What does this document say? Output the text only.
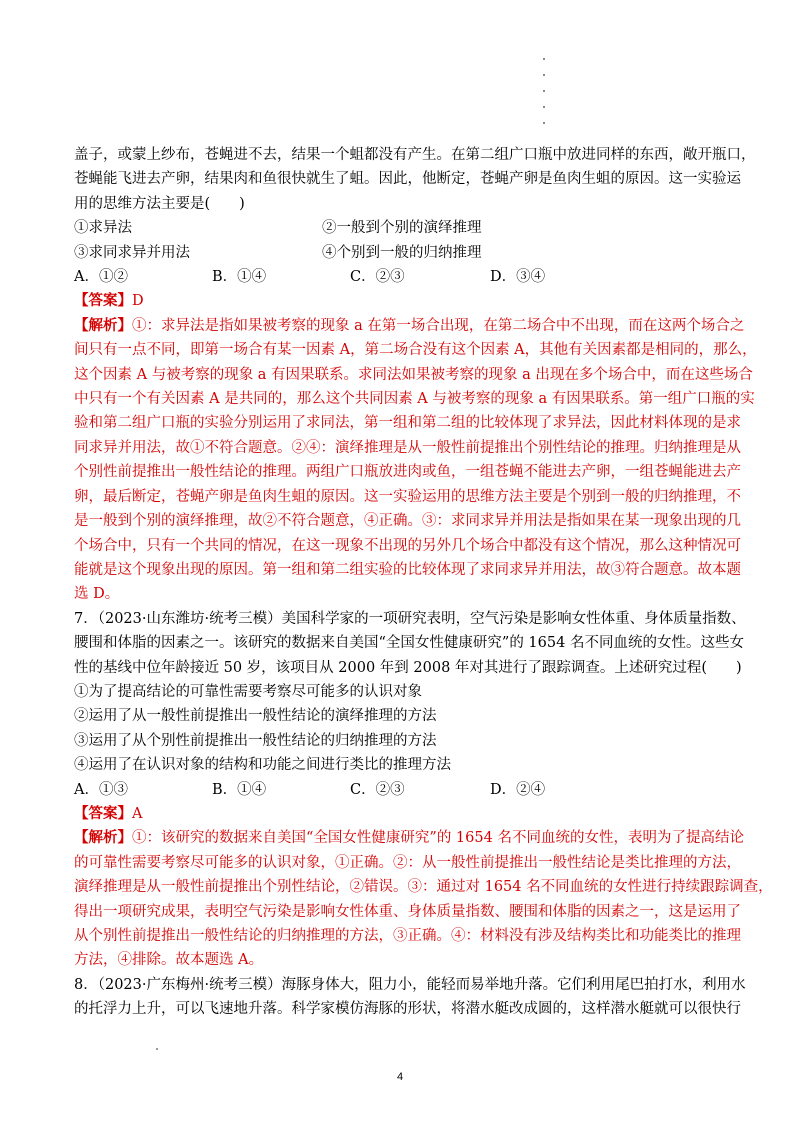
盖子，或蒙上纱布，苍蝇进不去，结果一个蛆都没有产生。在第二组广口瓶中放进同样的东西，敞开瓶口，
苍蝇能飞进去产卵，结果肉和鱼很快就生了蛆。因此，他断定，苍蝇产卵是鱼肉生蛆的原因。这一实验运
用的思维方法主要是(　　)
①求异法	②一般到个别的演绎推理
③求同求异并用法	④个别到一般的归纳推理
A．①②	B．①④	C．②③	D．③④
【答案】D
【解析】①：求异法是指如果被考察的现象 a 在第一场合出现，在第二场合中不出现，而在这两个场合之
间只有一点不同，即第一场合有某一因素 A，第二场合没有这个因素 A，其他有关因素都是相同的，那么，
这个因素 A 与被考察的现象 a 有因果联系。求同法如果被考察的现象 a 出现在多个场合中，而在这些场合
中只有一个有关因素 A 是共同的，那么这个共同因素 A 与被考察的现象 a 有因果联系。第一组广口瓶的实
验和第二组广口瓶的实验分别运用了求同法，第一组和第二组的比较体现了求异法，因此材料体现的是求
同求异并用法，故①不符合题意。②④：演绎推理是从一般性前提推出个别性结论的推理。归纳推理是从
个别性前提推出一般性结论的推理。两组广口瓶放进肉或鱼，一组苍蝇不能进去产卵，一组苍蝇能进去产
卵，最后断定，苍蝇产卵是鱼肉生蛆的原因。这一实验运用的思维方法主要是个别到一般的归纳推理，不
是一般到个别的演绎推理，故②不符合题意，④正确。③：求同求异并用法是指如果在某一现象出现的几
个场合中，只有一个共同的情况，在这一现象不出现的另外几个场合中都没有这个情况，那么这种情况可
能就是这个现象出现的原因。第一组和第二组实验的比较体现了求同求异并用法，故③符合题意。故本题
选 D。
7．（2023·山东潍坊·统考三模）美国科学家的一项研究表明，空气污染是影响女性体重、身体质量指数、
腰围和体脂的因素之一。该研究的数据来自美国“全国女性健康研究”的 1654 名不同血统的女性。这些女
性的基线中位年龄接近 50 岁，该项目从 2000 年到 2008 年对其进行了跟踪调查。上述研究过程(　　)
①为了提高结论的可靠性需要考察尽可能多的认识对象
②运用了从一般性前提推出一般性结论的演绎推理的方法
③运用了从个别性前提推出一般性结论的归纳推理的方法
④运用了在认识对象的结构和功能之间进行类比的推理方法
A．①③	B．①④	C．②③	D．②④
【答案】A
【解析】①：该研究的数据来自美国“全国女性健康研究”的 1654 名不同血统的女性，表明为了提高结论
的可靠性需要考察尽可能多的认识对象，①正确。②：从一般性前提推出一般性结论是类比推理的方法，
演绎推理是从一般性前提推出个别性结论，②错误。③：通过对 1654 名不同血统的女性进行持续跟踪调查，
得出一项研究成果，表明空气污染是影响女性体重、身体质量指数、腰围和体脂的因素之一，这是运用了
从个别性前提推出一般性结论的归纳推理的方法，③正确。④：材料没有涉及结构类比和功能类比的推理
方法，④排除。故本题选 A。
8．（2023·广东梅州·统考三模）海豚身体大，阻力小，能轻而易举地升落。它们利用尾巴拍打水，利用水
的托浮力上升，可以飞速地升落。科学家模仿海豚的形状，将潜水艇改成圆的，这样潜水艇就可以很快行
4
